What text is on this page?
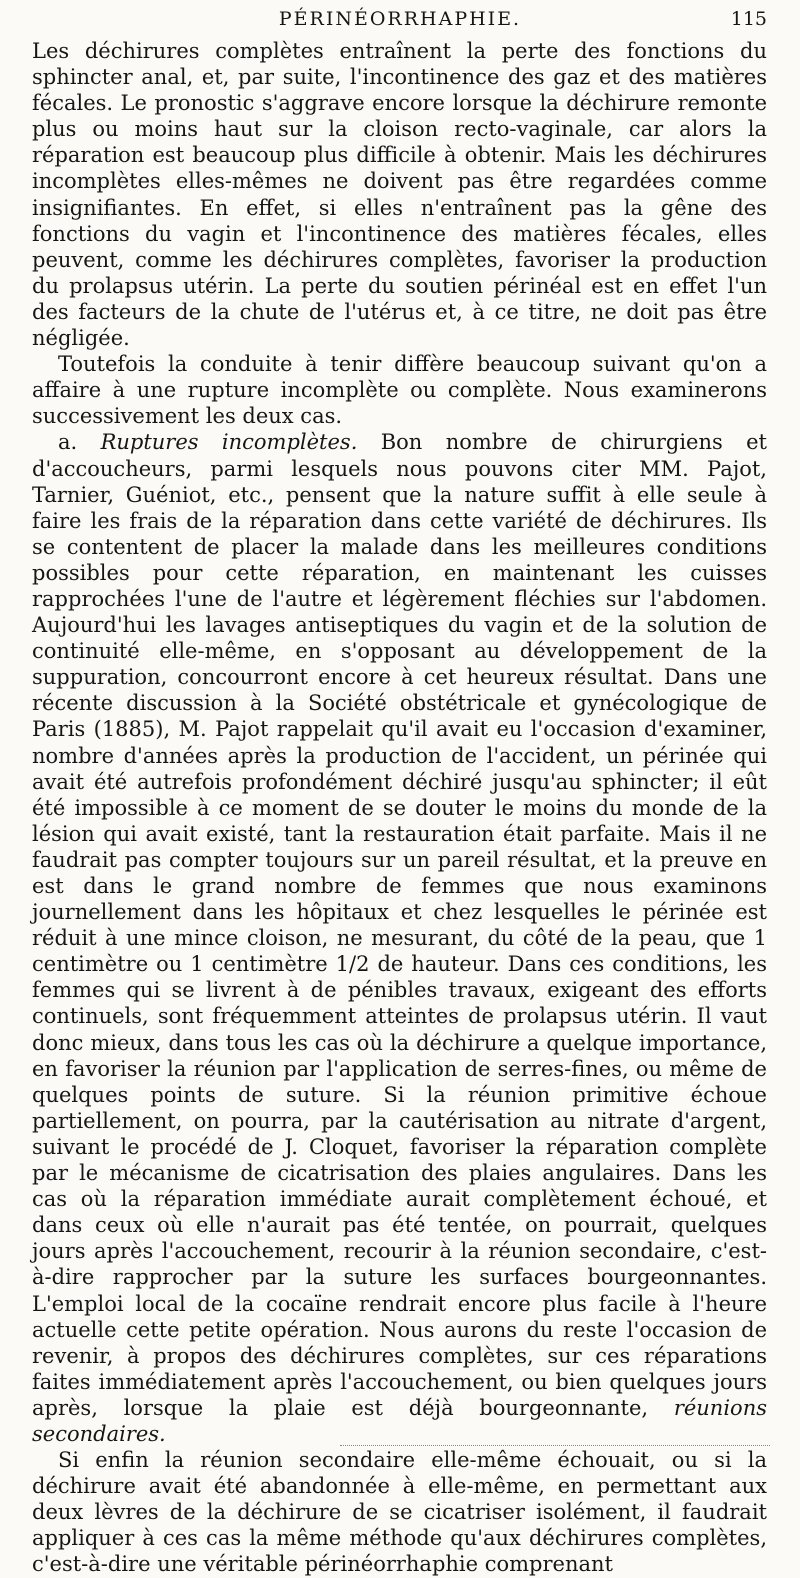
PÉRINÉORRHAPHIE.	115

Les déchirures complètes entraînent la perte des fonctions du sphincter anal, et, par suite, l'incontinence des gaz et des matières fécales. Le pronostic s'aggrave encore lorsque la déchirure remonte plus ou moins haut sur la cloison recto-vaginale, car alors la réparation est beaucoup plus difficile à obtenir. Mais les déchirures incomplètes elles-mêmes ne doivent pas être regardées comme insignifiantes. En effet, si elles n'entraînent pas la gêne des fonctions du vagin et l'incontinence des matières fécales, elles peuvent, comme les déchirures complètes, favoriser la production du prolapsus utérin. La perte du soutien périnéal est en effet l'un des facteurs de la chute de l'utérus et, à ce titre, ne doit pas être négligée.

Toutefois la conduite à tenir diffère beaucoup suivant qu'on a affaire à une rupture incomplète ou complète. Nous examinerons successivement les deux cas.

a. Ruptures incomplètes. Bon nombre de chirurgiens et d'accoucheurs, parmi lesquels nous pouvons citer MM. Pajot, Tarnier, Guéniot, etc., pensent que la nature suffit à elle seule à faire les frais de la réparation dans cette variété de déchirures. Ils se contentent de placer la malade dans les meilleures conditions possibles pour cette réparation, en maintenant les cuisses rapprochées l'une de l'autre et légèrement fléchies sur l'abdomen. Aujourd'hui les lavages antiseptiques du vagin et de la solution de continuité elle-même, en s'opposant au développement de la suppuration, concourront encore à cet heureux résultat. Dans une récente discussion à la Société obstétricale et gynécologique de Paris (1885), M. Pajot rappelait qu'il avait eu l'occasion d'examiner, nombre d'années après la production de l'accident, un périnée qui avait été autrefois profondément déchiré jusqu'au sphincter; il eût été impossible à ce moment de se douter le moins du monde de la lésion qui avait existé, tant la restauration était parfaite. Mais il ne faudrait pas compter toujours sur un pareil résultat, et la preuve en est dans le grand nombre de femmes que nous examinons journellement dans les hôpitaux et chez lesquelles le périnée est réduit à une mince cloison, ne mesurant, du côté de la peau, que 1 centimètre ou 1 centimètre 1/2 de hauteur. Dans ces conditions, les femmes qui se livrent à de pénibles travaux, exigeant des efforts continuels, sont fréquemment atteintes de prolapsus utérin. Il vaut donc mieux, dans tous les cas où la déchirure a quelque importance, en favoriser la réunion par l'application de serres-fines, ou même de quelques points de suture. Si la réunion primitive échoue partiellement, on pourra, par la cautérisation au nitrate d'argent, suivant le procédé de J. Cloquet, favoriser la réparation complète par le mécanisme de cicatrisation des plaies angulaires. Dans les cas où la réparation immédiate aurait complètement échoué, et dans ceux où elle n'aurait pas été tentée, on pourrait, quelques jours après l'accouchement, recourir à la réunion secondaire, c'est-à-dire rapprocher par la suture les surfaces bourgeonnantes. L'emploi local de la cocaïne rendrait encore plus facile à l'heure actuelle cette petite opération. Nous aurons du reste l'occasion de revenir, à propos des déchirures complètes, sur ces réparations faites immédiatement après l'accouchement, ou bien quelques jours après, lorsque la plaie est déjà bourgeonnante, réunions secondaires.

Si enfin la réunion secondaire elle-même échouait, ou si la déchirure avait été abandonnée à elle-même, en permettant aux deux lèvres de la déchirure de se cicatriser isolément, il faudrait appliquer à ces cas la même méthode qu'aux déchirures complètes, c'est-à-dire une véritable périnéorrhaphie comprenant
